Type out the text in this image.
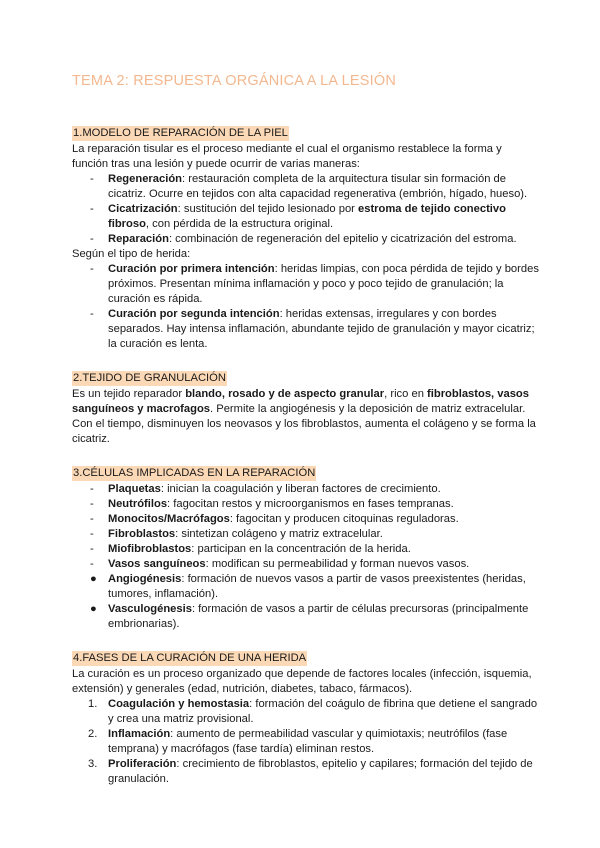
TEMA 2: RESPUESTA ORGÁNICA A LA LESIÓN
1.MODELO DE REPARACIÓN DE LA PIEL

La reparación tisular es el proceso mediante el cual el organismo restablece la forma y función tras una lesión y puede ocurrir de varias maneras:

-	Regeneración: restauración completa de la arquitectura tisular sin formación de cicatriz. Ocurre en tejidos con alta capacidad regenerativa (embrión, hígado, hueso).
-	Cicatrización: sustitución del tejido lesionado por estroma de tejido conectivo fibroso, con pérdida de la estructura original.
-	Reparación: combinación de regeneración del epitelio y cicatrización del estroma.

Según el tipo de herida:

-	Curación por primera intención: heridas limpias, con poca pérdida de tejido y bordes próximos. Presentan mínima inflamación y poco y poco tejido de granulación; la curación es rápida.
-	Curación por segunda intención: heridas extensas, irregulares y con bordes separados. Hay intensa inflamación, abundante tejido de granulación y mayor cicatriz; la curación es lenta.
2.TEJIDO DE GRANULACIÓN

Es un tejido reparador blando, rosado y de aspecto granular, rico en fibroblastos, vasos sanguíneos y macrofagos. Permite la angiogénesis y la deposición de matriz extracelular. Con el tiempo, disminuyen los neovasos y los fibroblastos, aumenta el colágeno y se forma la cicatriz.

3.CÉLULAS IMPLICADAS EN LA REPARACIÓN
-	Plaquetas: inician la coagulación y liberan factores de crecimiento.
-	Neutrófilos: fagocitan restos y microorganismos en fases tempranas.
-	Monocitos/Macrófagos: fagocitan y producen citoquinas reguladoras.
-	Fibroblastos: sintetizan colágeno y matriz extracelular.
-	Miofibroblastos: participan en la concentración de la herida.
-	Vasos sanguíneos: modifican su permeabilidad y forman nuevos vasos.
●	Angiogénesis: formación de nuevos vasos a partir de vasos preexistentes (heridas, tumores, inflamación).
●	Vasculogénesis: formación de vasos a partir de células precursoras (principalmente embrionarias).
4.FASES DE LA CURACIÓN DE UNA HERIDA

La curación es un proceso organizado que depende de factores locales (infección, isquemia, extensión) y generales (edad, nutrición, diabetes, tabaco, fármacos).

1. Coagulación y hemostasia: formación del coágulo de fibrina que detiene el sangrado y crea una matriz provisional.
2. Inflamación: aumento de permeabilidad vascular y quimiotaxis; neutrófilos (fase temprana) y macrófagos (fase tardía) eliminan restos.
3. Proliferación: crecimiento de fibroblastos, epitelio y capilares; formación del tejido de granulación.
